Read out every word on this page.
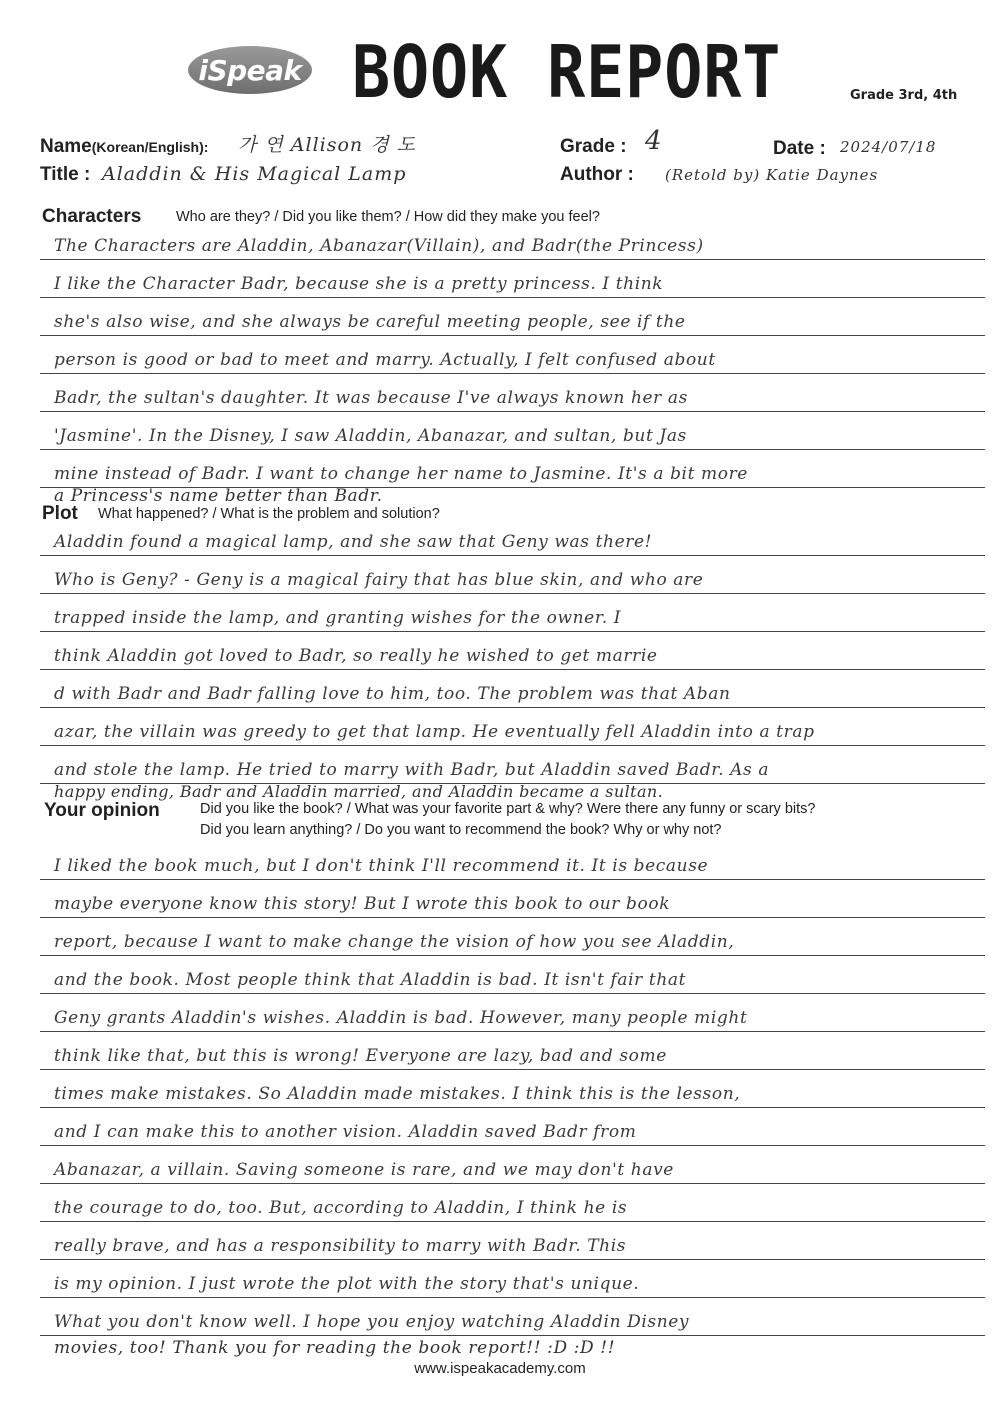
iSpeak BOOK REPORT	Grade 3rd, 4th
Name(Korean/English): 가 연 Allison 경 도	Grade : 4	Date : 2024/07/18
Title : Aladdin & His Magical Lamp	Author : (Retold by) Katie Daynes
Characters Who are they? / Did you like them? / How did they make you feel?
The Characters are Aladdin, Abanazar(Villain), and Badr(the Princess)
I like the Character Badr, because she is a pretty princess. I think
she's also wise, and she always be careful meeting people, see if the
person is good or bad to meet and marry. Actually, I felt confused about
Badr, the sultan's daughter. It was because I've always known her as
'Jasmine'. In the Disney, I saw Aladdin, Abanazar, and sultan, but Jas
mine instead of Badr. I want to change her name to Jasmine. It's a bit more
a Princess's name better than Badr.
Plot What happened? / What is the problem and solution?
Aladdin found a magical lamp, and she saw that Geny was there!
Who is Geny? - Geny is a magical fairy that has blue skin, and who are
trapped inside the lamp, and granting wishes for the owner. I
think Aladdin got loved to Badr, so really he wished to get marrie
d with Badr and Badr falling love to him, too. The problem was that Aban
azar, the villain was greedy to get that lamp. He eventually fell Aladdin into a trap
and stole the lamp. He tried to marry with Badr, but Aladdin saved Badr. As a
happy ending, Badr and Aladdin married, and Aladdin became a sultan.
Your opinion	Did you like the book? / What was your favorite part & why? Were there any funny or scary bits?
Did you learn anything? / Do you want to recommend the book? Why or why not?
I liked the book much, but I don't think I'll recommend it. It is because
maybe everyone know this story! But I wrote this book to our book
report, because I want to make change the vision of how you see Aladdin,
and the book. Most people think that Aladdin is bad. It isn't fair that
Geny grants Aladdin's wishes. Aladdin is bad. However, many people might
think like that, but this is wrong! Everyone are lazy, bad and some
times make mistakes. So Aladdin made mistakes. I think this is the lesson,
and I can make this to another vision. Aladdin saved Badr from
Abanazar, a villain. Saving someone is rare, and we may don't have
the courage to do, too. But, according to Aladdin, I think he is
really brave, and has a responsibility to marry with Badr. This
is my opinion. I just wrote the plot with the story that's unique.
What you don't know well. I hope you enjoy watching Aladdin Disney
movies, too! Thank you for reading the book report!! :D :D !!
www.ispeakacademy.com
